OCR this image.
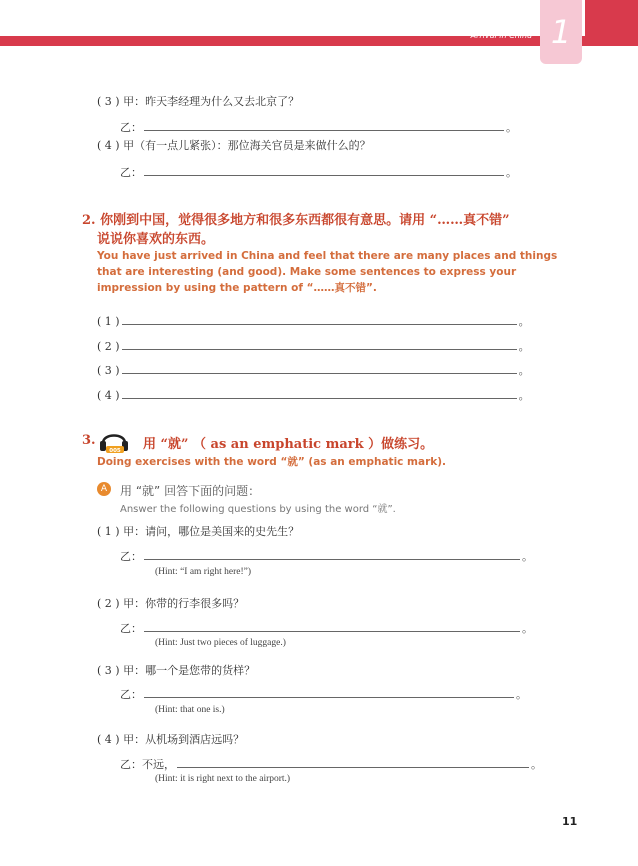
到达中国
Arrival in China 1
( 3 ) 甲：昨天李经理为什么又去北京了？
乙：	。
( 4 ) 甲（有一点儿紧张）：那位海关官员是来做什么的？
乙：	。
2. 你刚到中国，觉得很多地方和很多东西都很有意思。请用 “……真不错”
说说你喜欢的东西。
You have just arrived in China and feel that there are many places and things that are interesting (and good). Make some sentences to express your impression by using the pattern of “……真不错”.
( 1 )	。
( 2 )	。
( 3 )	。
( 4 )	。
3.
005 用 “就” （ as an emphatic mark ）做练习。
Doing exercises with the word “就” (as an emphatic mark).
A	用 “就” 回答下面的问题：
Answer the following questions by using the word “就”.
( 1 ) 甲：请问，哪位是美国来的史先生？
乙：	。
(Hint: “I am right here!”)
( 2 ) 甲：你带的行李很多吗？
乙：	。
(Hint: Just two pieces of luggage.)
( 3 ) 甲：哪一个是您带的货样？
乙：	。
(Hint: that one is.)
( 4 ) 甲：从机场到酒店远吗？
乙：不远，	。
(Hint: it is right next to the airport.)
11
